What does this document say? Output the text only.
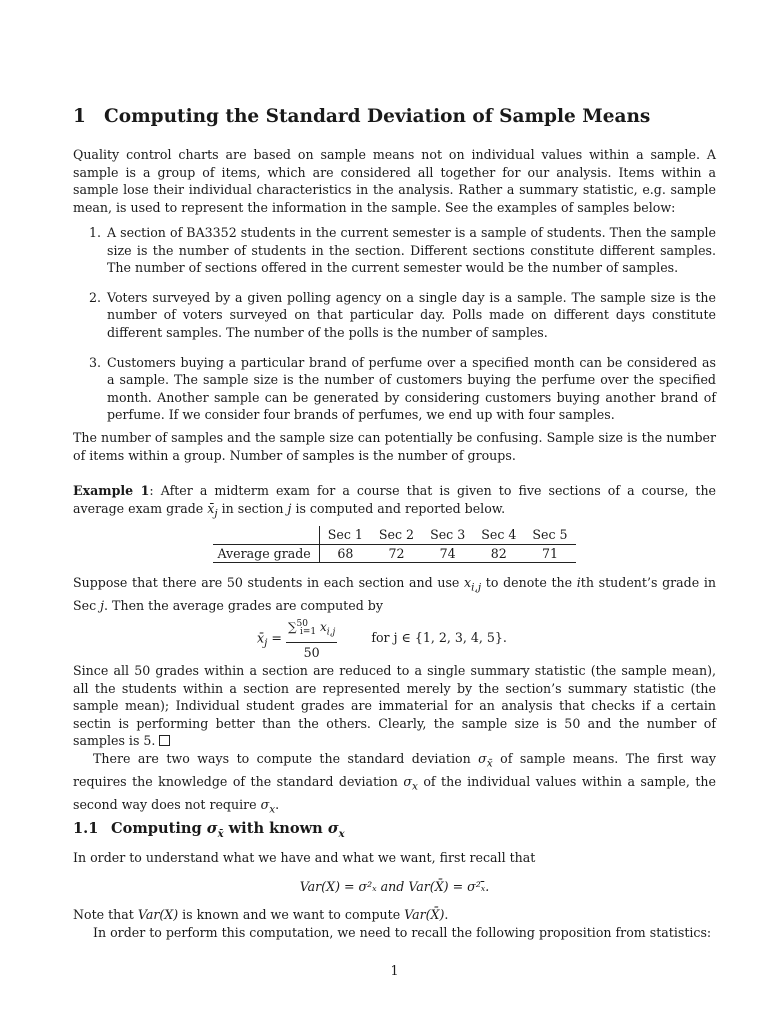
1 Computing the Standard Deviation of Sample Means

Quality control charts are based on sample means not on individual values within a sample. A sample is a group of items, which are considered all together for our analysis. Items within a sample lose their individual characteristics in the analysis. Rather a summary statistic, e.g. sample mean, is used to represent the information in the sample. See the examples of samples below:

1. A section of BA3352 students in the current semester is a sample of students. Then the sample size is the number of students in the section. Different sections constitute different samples. The number of sections offered in the current semester would be the number of samples.
2. Voters surveyed by a given polling agency on a single day is a sample. The sample size is the number of voters surveyed on that particular day. Polls made on different days constitute different samples. The number of the polls is the number of samples.
3. Customers buying a particular brand of perfume over a specified month can be considered as a sample. The sample size is the number of customers buying the perfume over the specified month. Another sample can be generated by considering customers buying another brand of perfume. If we consider four brands of perfumes, we end up with four samples.

The number of samples and the sample size can potentially be confusing. Sample size is the number of items within a group. Number of samples is the number of groups.

Example 1: After a midterm exam for a course that is given to five sections of a course, the average exam grade $x̄_j$ in section j is computed and reported below.

	Sec 1	Sec 2	Sec 3	Sec 4	Sec 5
Average grade	68	72	74	82	71

Suppose that there are 50 students in each section and use $x_{i,j}$ to denote the ith student’s grade in Sec j. Then the average grades are computed by

$x̄_j = \frac{\sum^{50}_{i=1} x_{i,j}}{50}$	for j ∈ {1, 2, 3, 4, 5}.

Since all 50 grades within a section are reduced to a single summary statistic (the sample mean), all the students within a section are represented merely by the section’s summary statistic (the sample mean); Individual student grades are immaterial for an analysis that checks if a certain sectin is performing better than the others. Clearly, the sample size is 50 and the number of samples is 5.

There are two ways to compute the standard deviation $\sigma_{x̄}$ of sample means. The first way requires the knowledge of the standard deviation $\sigma_x$ of the individual values within a sample, the second way does not require $\sigma_x$.

1.1 Computing $\sigma_{x̄}$ with known $\sigma_x$

In order to understand what we have and what we want, first recall that

Var(X) = σ²ₓ and Var(X̄) = σ²ₓ̄.

Note that Var(X) is known and we want to compute Var(X̄).

In order to perform this computation, we need to recall the following proposition from statistics:

1
